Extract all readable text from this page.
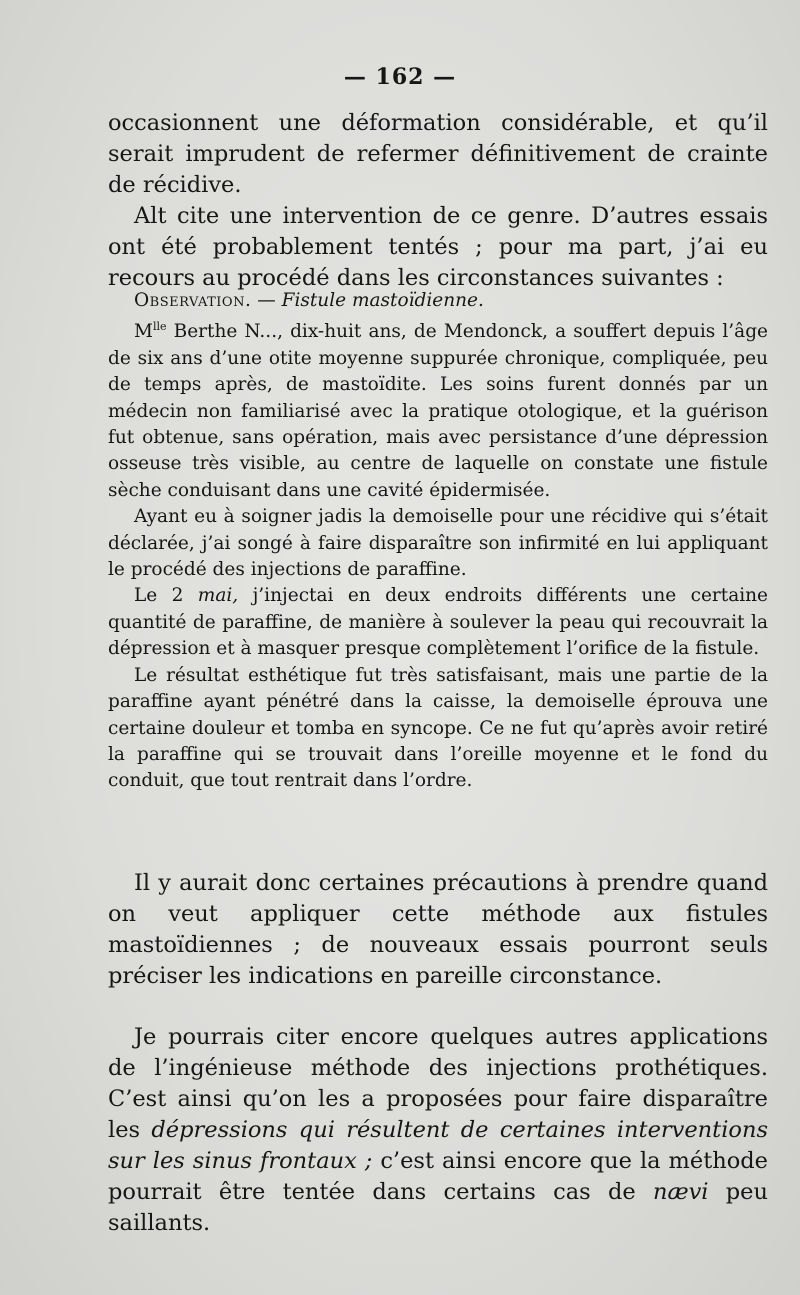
— 162 —

occasionnent une déformation considérable, et qu’il serait imprudent de refermer définitivement de crainte de récidive.

Alt cite une intervention de ce genre. D’autres essais ont été probablement tentés ; pour ma part, j’ai eu recours au procédé dans les circonstances suivantes :

Observation. — Fistule mastoïdienne.

$M^{lle}$ Berthe N..., dix-huit ans, de Mendonck, a souffert depuis l’âge de six ans d’une otite moyenne suppurée chronique, compliquée, peu de temps après, de mastoïdite. Les soins furent donnés par un médecin non familiarisé avec la pratique otologique, et la guérison fut obtenue, sans opération, mais avec persistance d’une dépression osseuse très visible, au centre de laquelle on constate une fistule sèche conduisant dans une cavité épidermisée.

Ayant eu à soigner jadis la demoiselle pour une récidive qui s’était déclarée, j’ai songé à faire disparaître son infirmité en lui appliquant le procédé des injections de paraffine.

Le 2 mai, j’injectai en deux endroits différents une certaine quantité de paraffine, de manière à soulever la peau qui recouvrait la dépression et à masquer presque complètement l’orifice de la fistule.

Le résultat esthétique fut très satisfaisant, mais une partie de la paraffine ayant pénétré dans la caisse, la demoiselle éprouva une certaine douleur et tomba en syncope. Ce ne fut qu’après avoir retiré la paraffine qui se trouvait dans l’oreille moyenne et le fond du conduit, que tout rentrait dans l’ordre.

Il y aurait donc certaines précautions à prendre quand on veut appliquer cette méthode aux fistules mastoïdiennes ; de nouveaux essais pourront seuls préciser les indications en pareille circonstance.

Je pourrais citer encore quelques autres applications de l’ingénieuse méthode des injections prothétiques. C’est ainsi qu’on les a proposées pour faire disparaître les dépressions qui résultent de certaines interventions sur les sinus frontaux ; c’est ainsi encore que la méthode pourrait être tentée dans certains cas de nævi peu saillants.
